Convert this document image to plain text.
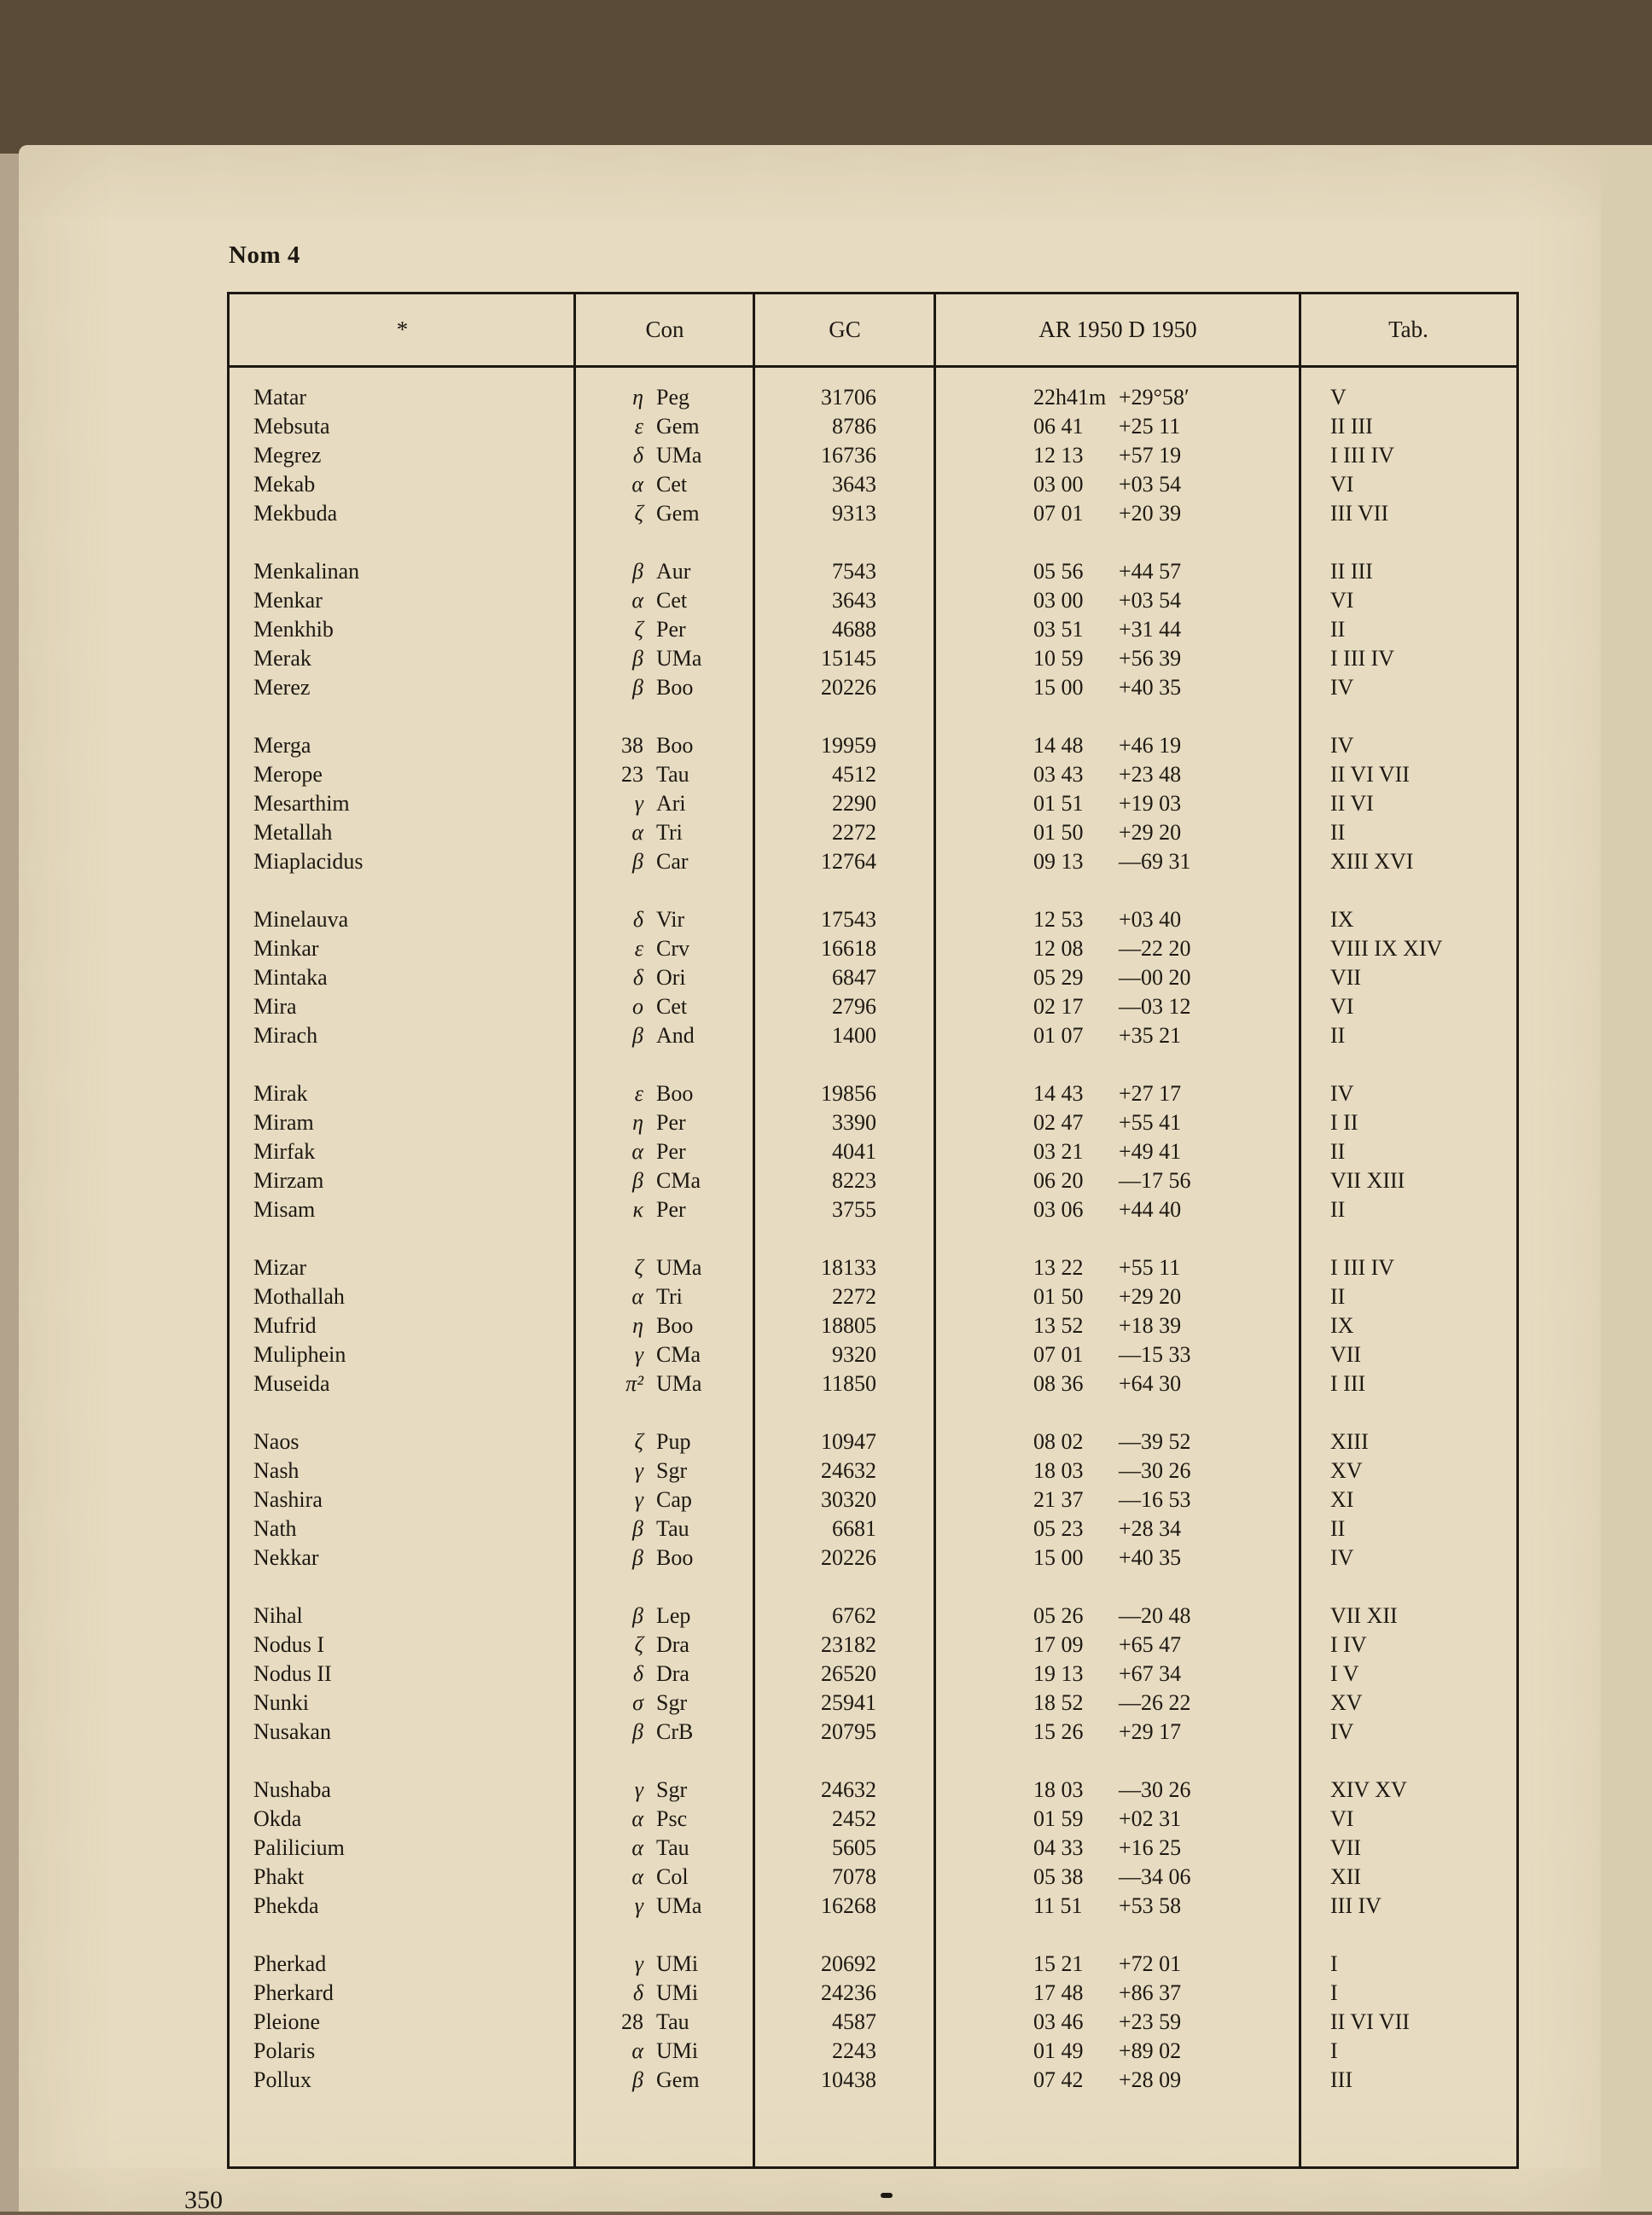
Nom 4
*	Con	GC	AR 1950 D 1950	Tab.
Matar	η Peg	31706	22h41m +29°58′	V
Mebsuta	ε Gem	8786	06 41 +25 11	II III
Megrez	δ UMa	16736	12 13 +57 19	I III IV
Mekab	α Cet	3643	03 00 +03 54	VI
Mekbuda	ζ Gem	9313	07 01 +20 39	III VII
Menkalinan	β Aur	7543	05 56 +44 57	II III
Menkar	α Cet	3643	03 00 +03 54	VI
Menkhib	ζ Per	4688	03 51 +31 44	II
Merak	β UMa	15145	10 59 +56 39	I III IV
Merez	β Boo	20226	15 00 +40 35	IV
Merga	38 Boo	19959	14 48 +46 19	IV
Merope	23 Tau	4512	03 43 +23 48	II VI VII
Mesarthim	γ Ari	2290	01 51 +19 03	II VI
Metallah	α Tri	2272	01 50 +29 20	II
Miaplacidus	β Car	12764	09 13 —69 31	XIII XVI
Minelauva	δ Vir	17543	12 53 +03 40	IX
Minkar	ε Crv	16618	12 08 —22 20	VIII IX XIV
Mintaka	δ Ori	6847	05 29 —00 20	VII
Mira	ο Cet	2796	02 17 —03 12	VI
Mirach	β And	1400	01 07 +35 21	II
Mirak	ε Boo	19856	14 43 +27 17	IV
Miram	η Per	3390	02 47 +55 41	I II
Mirfak	α Per	4041	03 21 +49 41	II
Mirzam	β CMa	8223	06 20 —17 56	VII XIII
Misam	κ Per	3755	03 06 +44 40	II
Mizar	ζ UMa	18133	13 22 +55 11	I III IV
Mothallah	α Tri	2272	01 50 +29 20	II
Mufrid	η Boo	18805	13 52 +18 39	IX
Muliphein	γ CMa	9320	07 01 —15 33	VII
Museida	π² UMa	11850	08 36 +64 30	I III
Naos	ζ Pup	10947	08 02 —39 52	XIII
Nash	γ Sgr	24632	18 03 —30 26	XV
Nashira	γ Cap	30320	21 37 —16 53	XI
Nath	β Tau	6681	05 23 +28 34	II
Nekkar	β Boo	20226	15 00 +40 35	IV
Nihal	β Lep	6762	05 26 —20 48	VII XII
Nodus I	ζ Dra	23182	17 09 +65 47	I IV
Nodus II	δ Dra	26520	19 13 +67 34	I V
Nunki	σ Sgr	25941	18 52 —26 22	XV
Nusakan	β CrB	20795	15 26 +29 17	IV
Nushaba	γ Sgr	24632	18 03 —30 26	XIV XV
Okda	α Psc	2452	01 59 +02 31	VI
Palilicium	α Tau	5605	04 33 +16 25	VII
Phakt	α Col	7078	05 38 —34 06	XII
Phekda	γ UMa	16268	11 51 +53 58	III IV
Pherkad	γ UMi	20692	15 21 +72 01	I
Pherkard	δ UMi	24236	17 48 +86 37	I
Pleione	28 Tau	4587	03 46 +23 59	II VI VII
Polaris	α UMi	2243	01 49 +89 02	I
Pollux	β Gem	10438	07 42 +28 09	III
350
